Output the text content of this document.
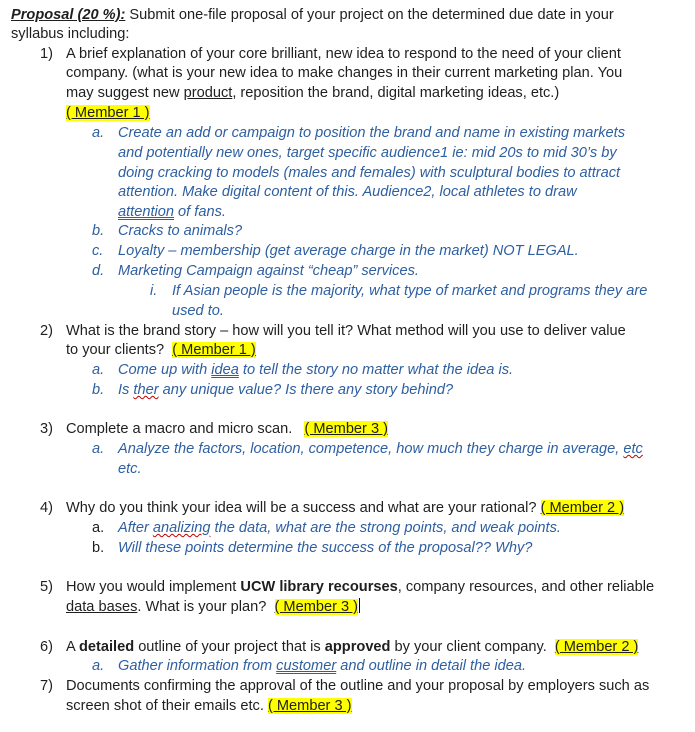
Proposal (20 %): Submit one-file proposal of your project on the determined due date in your
syllabus including:
1) A brief explanation of your core brilliant, new idea to respond to the need of your client
company. (what is your new idea to make changes in their current marketing plan. You
may suggest new product, reposition the brand, digital marketing ideas, etc.)
( Member 1 )
a. Create an add or campaign to position the brand and name in existing markets
and potentially new ones, target specific audience1 ie: mid 20s to mid 30’s by
doing cracking to models (males and females) with sculptural bodies to attract
attention. Make digital content of this. Audience2, local athletes to draw
attention of fans.
b. Cracks to animals?
c. Loyalty – membership (get average charge in the market) NOT LEGAL.
d. Marketing Campaign against “cheap” services.
i. If Asian people is the majority, what type of market and programs they are
used to.
2) What is the brand story – how will you tell it? What method will you use to deliver value
to your clients? ( Member 1 )
a. Come up with idea to tell the story no matter what the idea is.
b. Is ther any unique value? Is there any story behind?
3) Complete a macro and micro scan. ( Member 3 )
a. Analyze the factors, location, competence, how much they charge in average, etc
etc.
4) Why do you think your idea will be a success and what are your rational? ( Member 2 )
a. After analizing the data, what are the strong points, and weak points.
b. Will these points determine the success of the proposal?? Why?
5) How you would implement UCW library recourses, company resources, and other reliable
data bases. What is your plan? ( Member 3 )
6) A detailed outline of your project that is approved by your client company. ( Member 2 )
a. Gather information from customer and outline in detail the idea.
7) Documents confirming the approval of the outline and your proposal by employers such as
screen shot of their emails etc. ( Member 3 )
